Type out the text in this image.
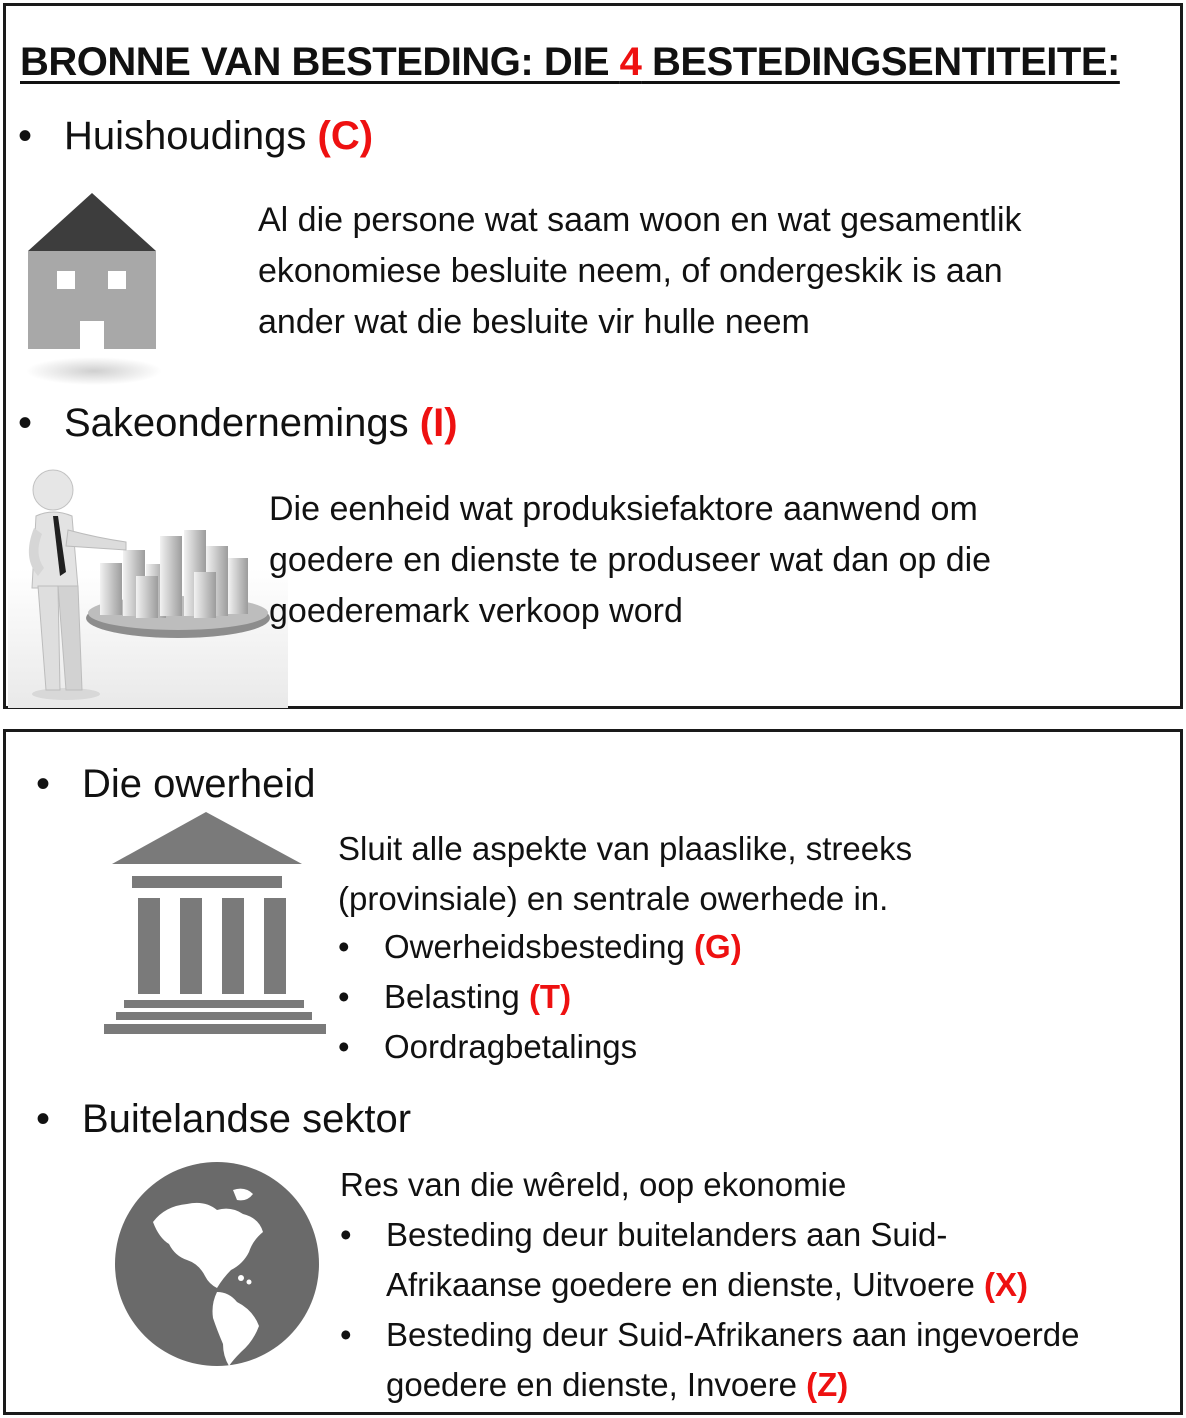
BRONNE VAN BESTEDING: DIE 4 BESTEDINGSENTITEITE:
• Huishoudings (C)
Al die persone wat saam woon en wat gesamentlik
ekonomiese besluite neem, of ondergeskik is aan
ander wat die besluite vir hulle neem
• Sakeondernemings (I)
Die eenheid wat produksiefaktore aanwend om
goedere en dienste te produseer wat dan op die
goederemark verkoop word
• Die owerheid
Sluit alle aspekte van plaaslike, streeks
(provinsiale) en sentrale owerhede in.
• Owerheidsbesteding (G)
• Belasting (T)
• Oordragbetalings
• Buitelandse sektor
Res van die wêreld, oop ekonomie
• Besteding deur buitelanders aan Suid-
Afrikaanse goedere en dienste, Uitvoere (X)
• Besteding deur Suid-Afrikaners aan ingevoerde
goedere en dienste, Invoere (Z)
